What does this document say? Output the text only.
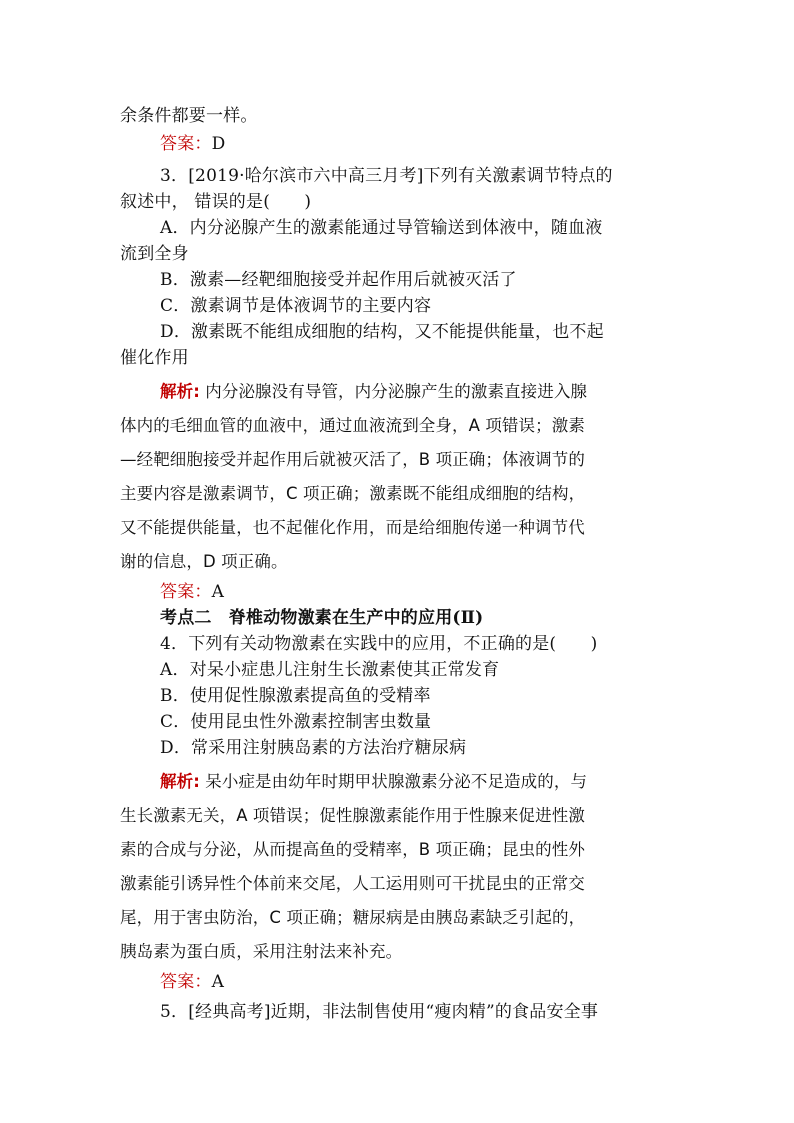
余条件都要一样。
答案：D
3．[2019·哈尔滨市六中高三月考]下列有关激素调节特点的
叙述中， 错误的是(　　)
A．内分泌腺产生的激素能通过导管输送到体液中，随血液
流到全身
B．激素—经靶细胞接受并起作用后就被灭活了
C．激素调节是体液调节的主要内容
D．激素既不能组成细胞的结构，又不能提供能量，也不起
催化作用
解析: 内分泌腺没有导管，内分泌腺产生的激素直接进入腺
体内的毛细血管的血液中，通过血液流到全身，A 项错误；激素
—经靶细胞接受并起作用后就被灭活了，B 项正确；体液调节的
主要内容是激素调节，C 项正确；激素既不能组成细胞的结构，
又不能提供能量，也不起催化作用，而是给细胞传递一种调节代
谢的信息，D 项正确。
答案：A
考点二　脊椎动物激素在生产中的应用(Ⅱ)
4．下列有关动物激素在实践中的应用，不正确的是(　　)
A．对呆小症患儿注射生长激素使其正常发育
B．使用促性腺激素提高鱼的受精率
C．使用昆虫性外激素控制害虫数量
D．常采用注射胰岛素的方法治疗糖尿病
解析: 呆小症是由幼年时期甲状腺激素分泌不足造成的，与
生长激素无关，A 项错误；促性腺激素能作用于性腺来促进性激
素的合成与分泌，从而提高鱼的受精率，B 项正确；昆虫的性外
激素能引诱异性个体前来交尾，人工运用则可干扰昆虫的正常交
尾，用于害虫防治，C 项正确；糖尿病是由胰岛素缺乏引起的，
胰岛素为蛋白质，采用注射法来补充。
答案：A
5．[经典高考]近期，非法制售使用“瘦肉精”的食品安全事
